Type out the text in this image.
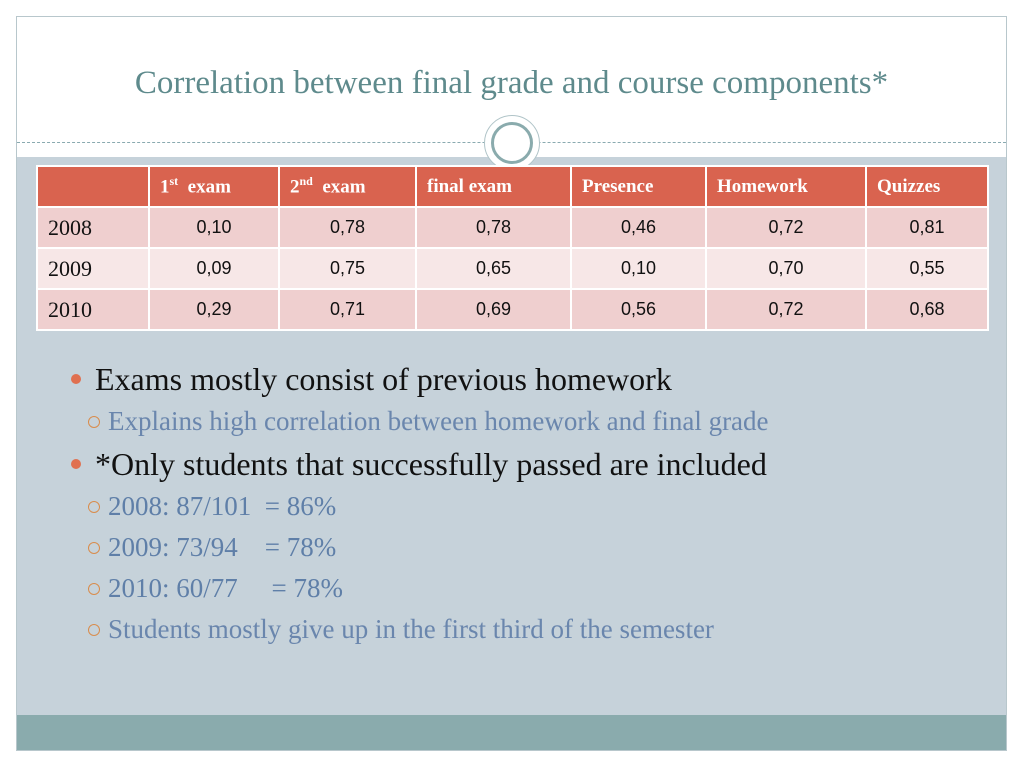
Correlation between final grade and course components*
	1st  exam	2nd  exam	final exam	Presence	Homework	Quizzes
2008	0,10	0,78	0,78	0,46	0,72	0,81
2009	0,09	0,75	0,65	0,10	0,70	0,55
2010	0,29	0,71	0,69	0,56	0,72	0,68
Exams mostly consist of previous homework
Explains high correlation between homework and final grade
*Only students that successfully passed are included
2008: 87/101  = 86%
2009: 73/94    = 78%
2010: 60/77     = 78%
Students mostly give up in the first third of the semester
